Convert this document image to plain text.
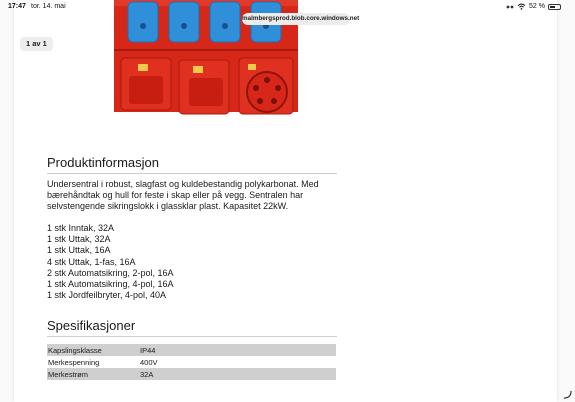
1 av 1
17:47 tor. 14. mai	52 %
malmbergsprod.blob.core.windows.net
Produktinformasjon

Undersentral i robust, slagfast og kuldebestandig polykarbonat. Med bærehåndtak og hull for feste i skap eller på vegg. Sentralen har selvstengende sikringslokk i glassklar plast. Kapasitet 22kW.

1 stk Inntak, 32A
1 stk Uttak, 32A
1 stk Uttak, 16A
4 stk Uttak, 1-fas, 16A
2 stk Automatsikring, 2-pol, 16A
1 stk Automatsikring, 4-pol, 16A
1 stk Jordfeilbryter, 4-pol, 40A
Spesifikasjoner
Kapslingsklasse	IP44
Merkespenning	400V
Merkestrøm	32A
